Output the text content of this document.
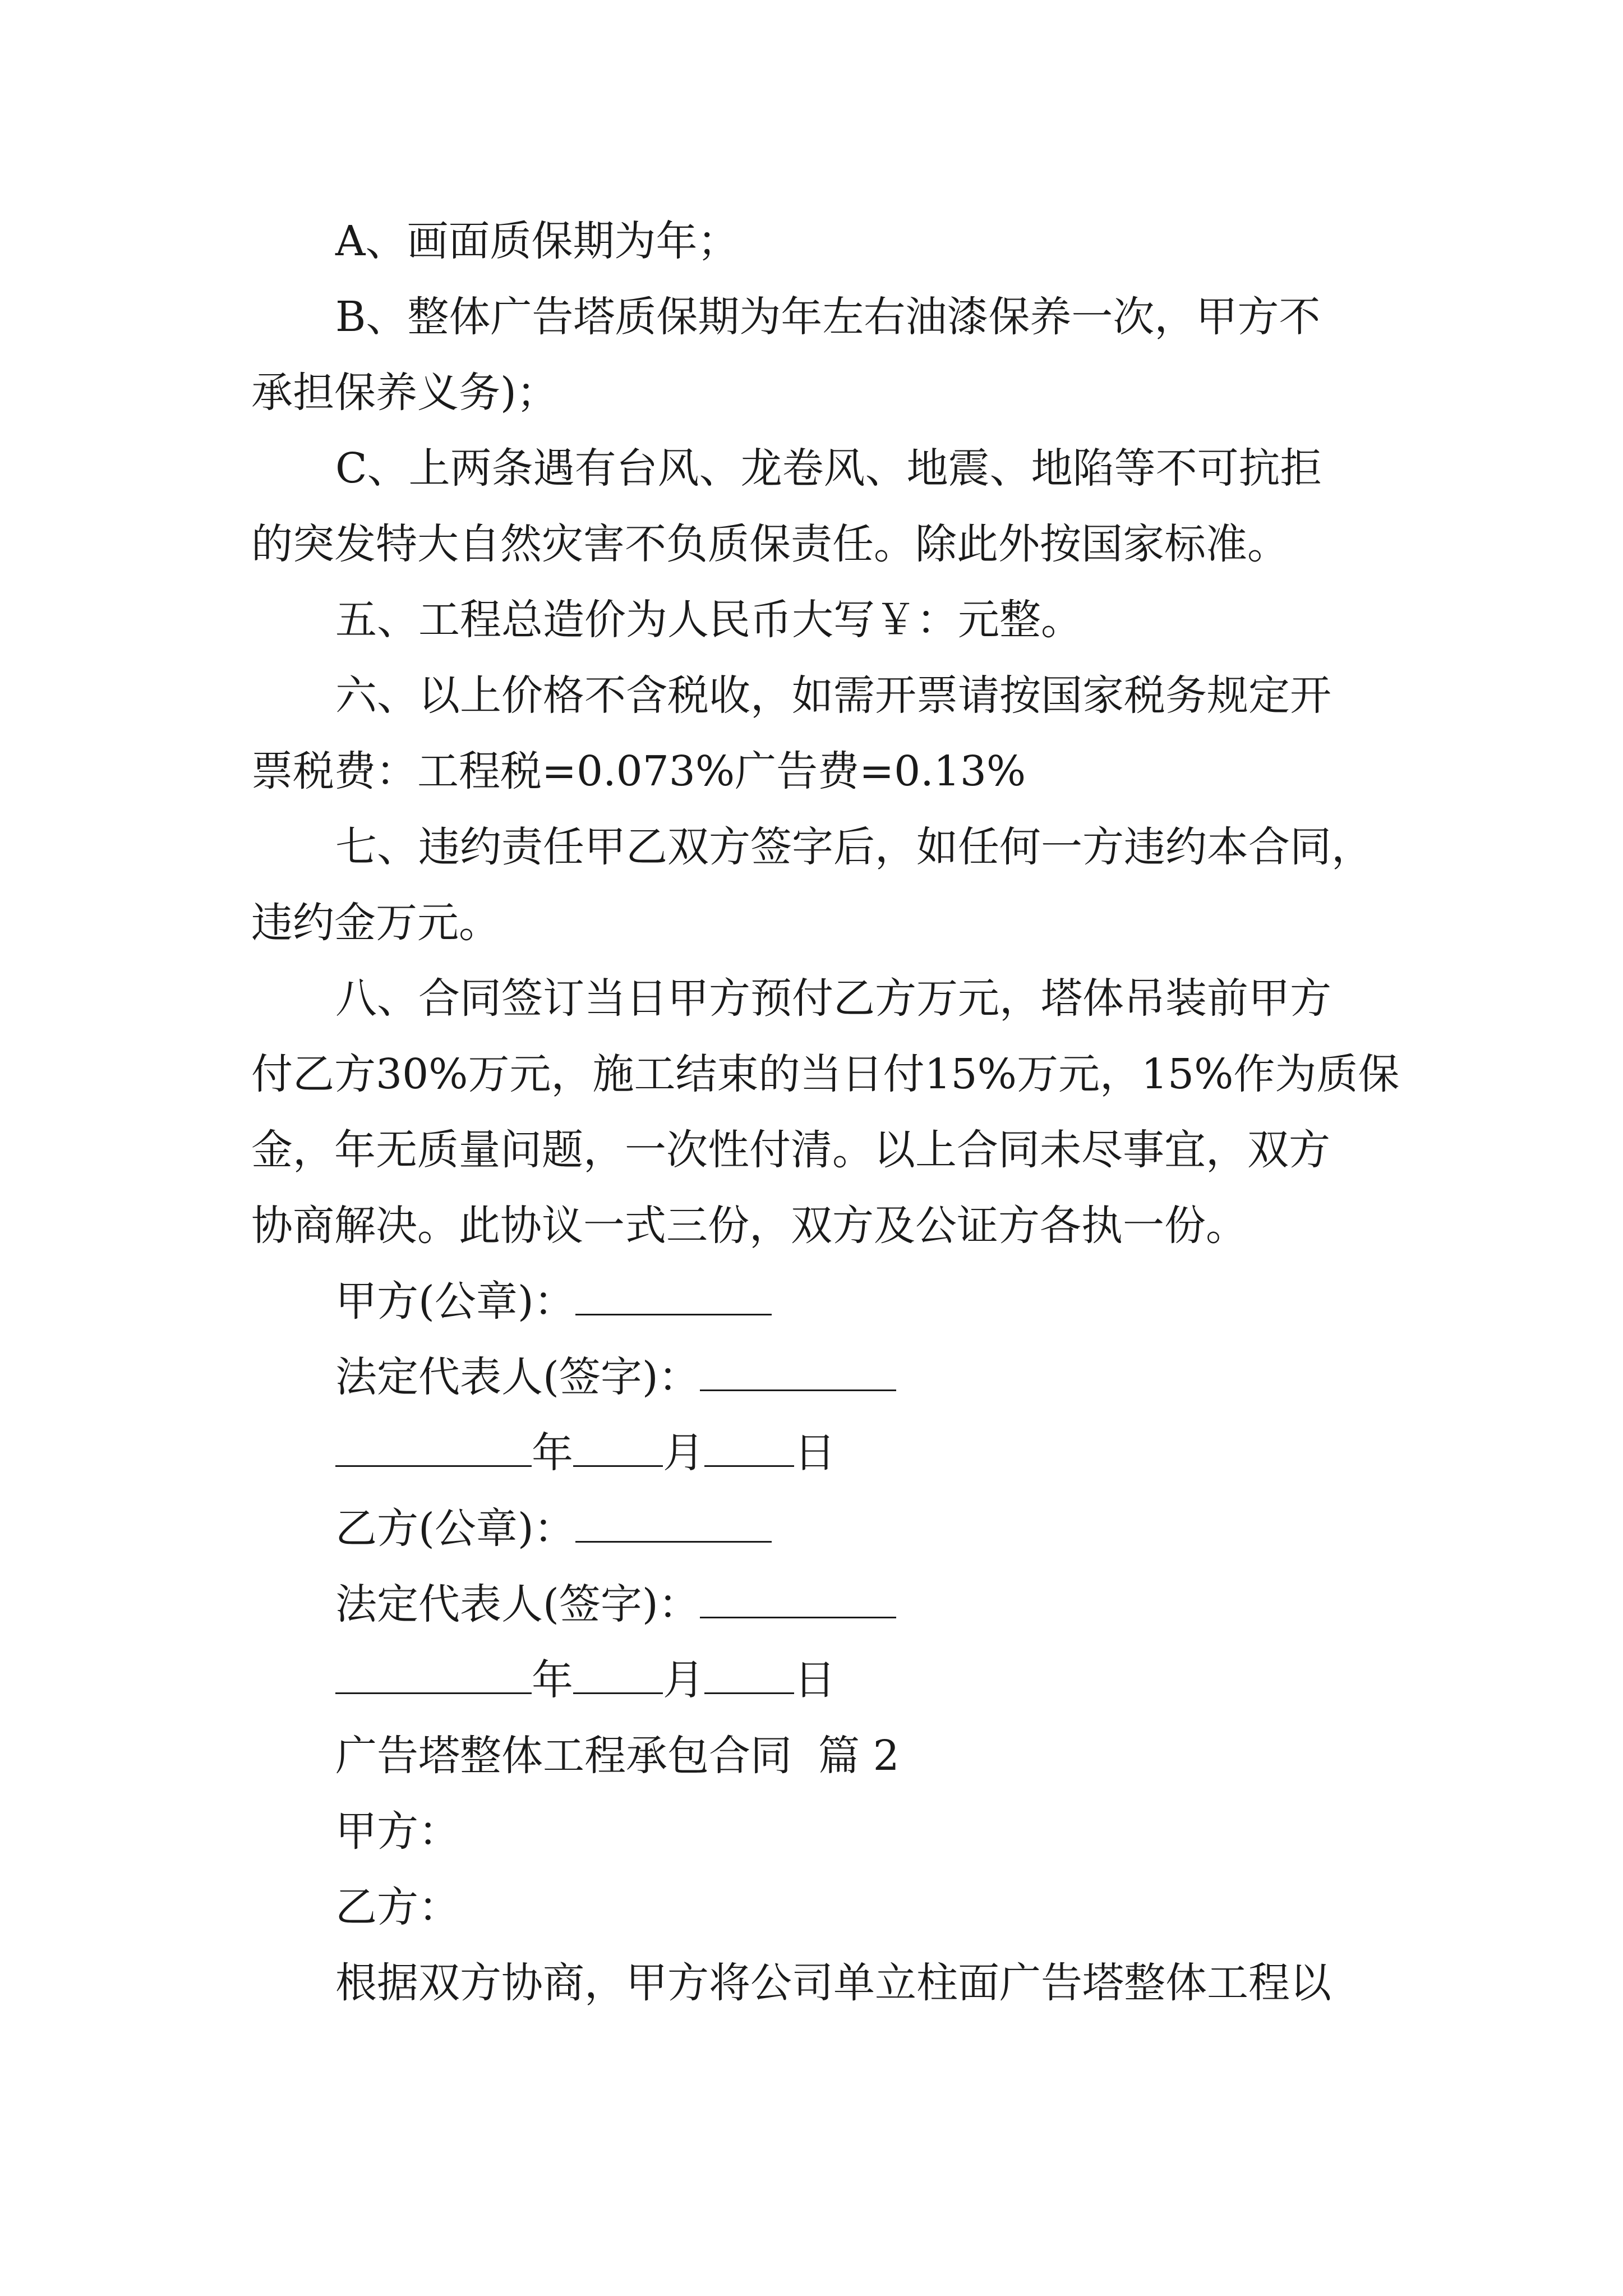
A、画面质保期为年；
B、整体广告塔质保期为年左右油漆保养一次，甲方不
承担保养义务)；
C、上两条遇有台风、龙卷风、地震、地陷等不可抗拒
的突发特大自然灾害不负质保责任。除此外按国家标准。
五、工程总造价为人民币大写￥：元整。
六、以上价格不含税收，如需开票请按国家税务规定开
票税费：工程税=0.073%广告费=0.13%
七、违约责任甲乙双方签字后，如任何一方违约本合同，
违约金万元。
八、合同签订当日甲方预付乙方万元，塔体吊装前甲方
付乙方30%万元，施工结束的当日付15%万元，15%作为质保
金，年无质量问题，一次性付清。以上合同未尽事宜，双方
协商解决。此协议一式三份，双方及公证方各执一份。
甲方(公章)：
法定代表人(签字)：
年 月 日
乙方(公章)：
法定代表人(签字)：
年 月 日
广告塔整体工程承包合同  篇 2
甲方：
乙方：
根据双方协商，甲方将公司单立柱面广告塔整体工程以
